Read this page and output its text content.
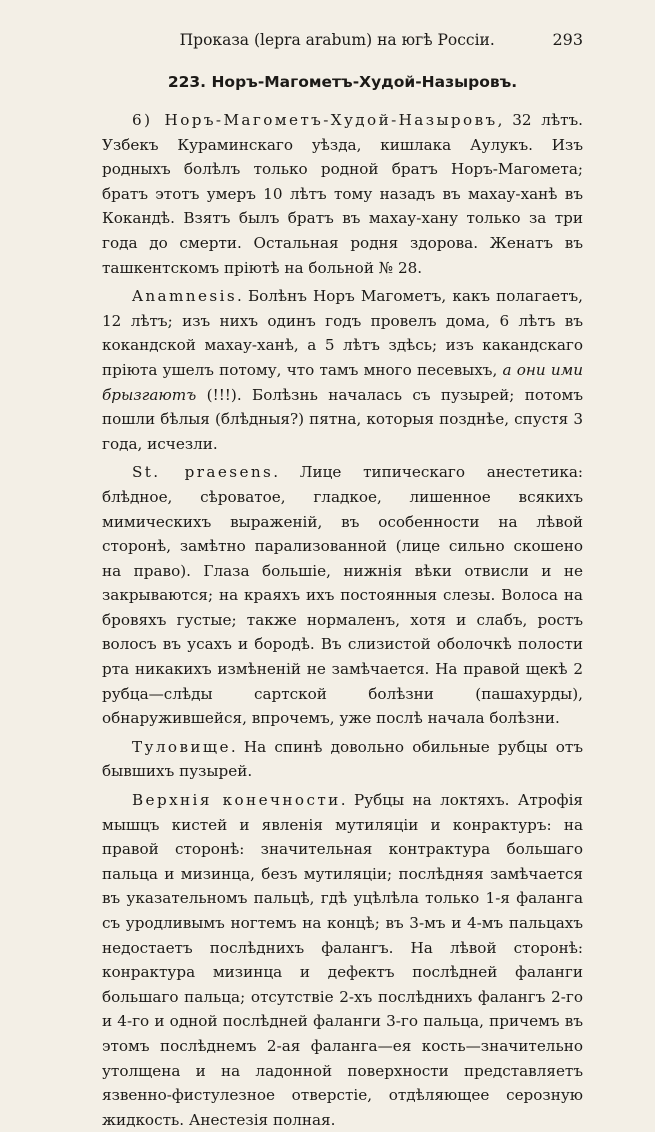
Проказа (lepra arabum) на югѣ Россіи.	293
223. Норъ-Магометъ-Худой-Назыровъ.

6) Норъ-Магометъ-Худой-Назыровъ, 32 лѣтъ. Узбекъ Кураминскаго уѣзда, кишлака Аулукъ. Изъ родныхъ болѣлъ только родной братъ Норъ-Магомета; братъ этотъ умеръ 10 лѣтъ тому назадъ въ махау-ханѣ въ Кокандѣ. Взятъ былъ братъ въ махау-хану только за три года до смерти. Остальная родня здорова. Женатъ въ ташкентскомъ пріютѣ на больной № 28.

Anamnesis. Болѣнъ Норъ Магометъ, какъ полагаетъ, 12 лѣтъ; изъ нихъ одинъ годъ провелъ дома, 6 лѣтъ въ кокандской махау-ханѣ, а 5 лѣтъ здѣсь; изъ какандскаго пріюта ушелъ потому, что тамъ много песевыхъ, а они ими брызгаютъ (!!!). Болѣзнь началась съ пузырей; потомъ пошли бѣлыя (блѣдныя?) пятна, которыя позднѣе, спустя 3 года, исчезли.

St. praesens. Лице типическаго анестетика: блѣдное, сѣроватое, гладкое, лишенное всякихъ мимическихъ выраженій, въ особенности на лѣвой сторонѣ, замѣтно парализованной (лице сильно скошено на право). Глаза большіе, нижнія вѣки отвисли и не закрываются; на краяхъ ихъ постоянныя слезы. Волоса на бровяхъ густые; также нормаленъ, хотя и слабъ, ростъ волосъ въ усахъ и бородѣ. Въ слизистой оболочкѣ полости рта никакихъ измѣненій не замѣчается. На правой щекѣ 2 рубца—слѣды сартской болѣзни (пашахурды), обнаружившейся, впрочемъ, уже послѣ начала болѣзни.

Туловище. На спинѣ довольно обильные рубцы отъ бывшихъ пузырей.

Верхнія конечности. Рубцы на локтяхъ. Атрофія мышцъ кистей и явленія мутиляціи и конрактуръ: на правой сторонѣ: значительная контрактура большаго пальца и мизинца, безъ мутиляціи; послѣдняя замѣчается въ указательномъ пальцѣ, гдѣ уцѣлѣла только 1-я фаланга съ уродливымъ ногтемъ на концѣ; въ 3-мъ и 4-мъ пальцахъ недостаетъ послѣднихъ фалангъ. На лѣвой сторонѣ: конрактура мизинца и дефектъ послѣдней фаланги большаго пальца; отсутствіе 2-хъ послѣднихъ фалангъ 2-го и 4-го и одной послѣдней фаланги 3-го пальца, причемъ въ этомъ послѣднемъ 2-ая фаланга—ея кость—значительно утолщена и на ладонной поверхности представляетъ язвенно-фистулезное отверстіе, отдѣляющее серозную жидкость. Анестезія полная.
